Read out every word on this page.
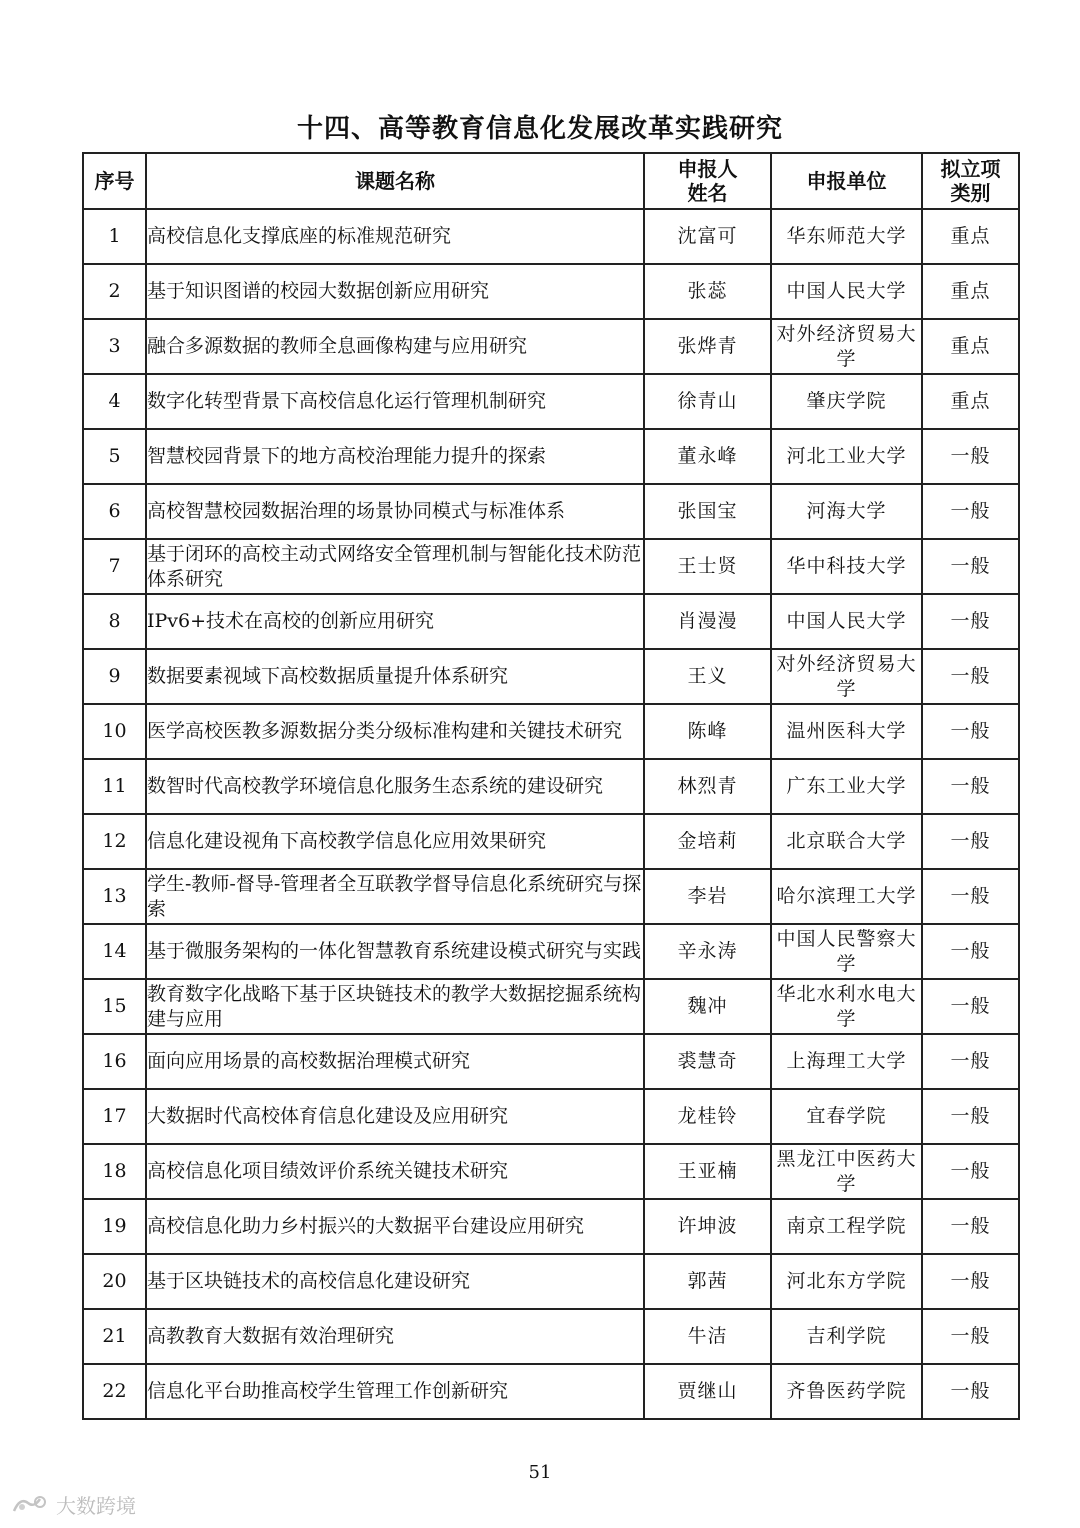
十四、高等教育信息化发展改革实践研究
序号	课题名称	申报人姓名	申报单位	拟立项类别

1	高校信息化支撑底座的标准规范研究	沈富可	华东师范大学	重点
2	基于知识图谱的校园大数据创新应用研究	张蕊	中国人民大学	重点
3	融合多源数据的教师全息画像构建与应用研究	张烨青	对外经济贸易大学	重点
4	数字化转型背景下高校信息化运行管理机制研究	徐青山	肇庆学院	重点
5	智慧校园背景下的地方高校治理能力提升的探索	董永峰	河北工业大学	一般
6	高校智慧校园数据治理的场景协同模式与标准体系	张国宝	河海大学	一般
7	基于闭环的高校主动式网络安全管理机制与智能化技术防范体系研究	王士贤	华中科技大学	一般
8	IPv6+技术在高校的创新应用研究	肖漫漫	中国人民大学	一般
9	数据要素视域下高校数据质量提升体系研究	王义	对外经济贸易大学	一般
10	医学高校医教多源数据分类分级标准构建和关键技术研究	陈峰	温州医科大学	一般
11	数智时代高校教学环境信息化服务生态系统的建设研究	林烈青	广东工业大学	一般
12	信息化建设视角下高校教学信息化应用效果研究	金培莉	北京联合大学	一般
13	学生-教师-督导-管理者全互联教学督导信息化系统研究与探索	李岩	哈尔滨理工大学	一般
14	基于微服务架构的一体化智慧教育系统建设模式研究与实践	辛永涛	中国人民警察大学	一般
15	教育数字化战略下基于区块链技术的教学大数据挖掘系统构建与应用	魏冲	华北水利水电大学	一般
16	面向应用场景的高校数据治理模式研究	裘慧奇	上海理工大学	一般
17	大数据时代高校体育信息化建设及应用研究	龙桂铃	宜春学院	一般
18	高校信息化项目绩效评价系统关键技术研究	王亚楠	黑龙江中医药大学	一般
19	高校信息化助力乡村振兴的大数据平台建设应用研究	许坤波	南京工程学院	一般
20	基于区块链技术的高校信息化建设研究	郭茜	河北东方学院	一般
21	高教教育大数据有效治理研究	牛洁	吉利学院	一般
22	信息化平台助推高校学生管理工作创新研究	贾继山	齐鲁医药学院	一般
51
大数跨境
